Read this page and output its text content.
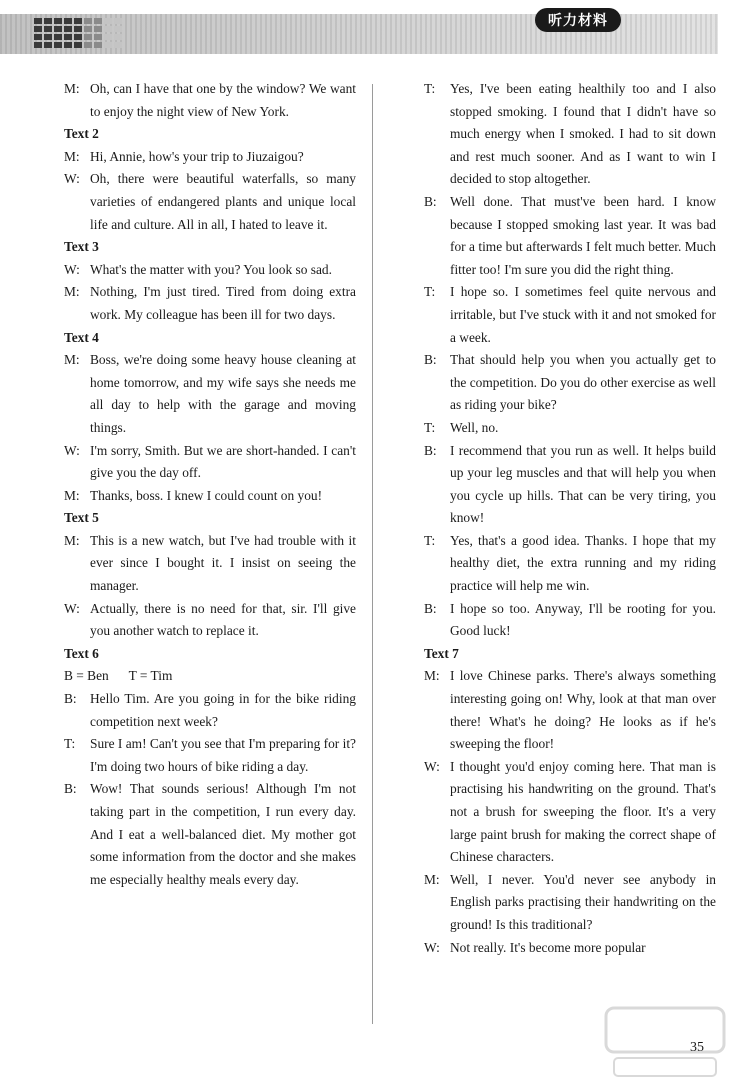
听力材料
M: Oh, can I have that one by the window? We want to enjoy the night view of New York.
Text 2
M: Hi, Annie, how's your trip to Jiuzaigou?
W: Oh, there were beautiful waterfalls, so many varieties of endangered plants and unique local life and culture. All in all, I hated to leave it.
Text 3
W: What's the matter with you? You look so sad.
M: Nothing, I'm just tired. Tired from doing extra work. My colleague has been ill for two days.
Text 4
M: Boss, we're doing some heavy house cleaning at home tomorrow, and my wife says she needs me all day to help with the garage and moving things.
W: I'm sorry, Smith. But we are short-handed. I can't give you the day off.
M: Thanks, boss. I knew I could count on you!
Text 5
M: This is a new watch, but I've had trouble with it ever since I bought it. I insist on seeing the manager.
W: Actually, there is no need for that, sir. I'll give you another watch to replace it.
Text 6
B = Ben      T = Tim
B: Hello Tim. Are you going in for the bike riding competition next week?
T: Sure I am! Can't you see that I'm preparing for it? I'm doing two hours of bike riding a day.
B: Wow! That sounds serious! Although I'm not taking part in the competition, I run every day. And I eat a well-balanced diet. My mother got some information from the doctor and she makes me especially healthy meals every day.
T: Yes, I've been eating healthily too and I also stopped smoking. I found that I didn't have so much energy when I smoked. I had to sit down and rest much sooner. And as I want to win I decided to stop altogether.
B: Well done. That must've been hard. I know because I stopped smoking last year. It was bad for a time but afterwards I felt much better. Much fitter too! I'm sure you did the right thing.
T: I hope so. I sometimes feel quite nervous and irritable, but I've stuck with it and not smoked for a week.
B: That should help you when you actually get to the competition. Do you do other exercise as well as riding your bike?
T: Well, no.
B: I recommend that you run as well. It helps build up your leg muscles and that will help you when you cycle up hills. That can be very tiring, you know!
T: Yes, that's a good idea. Thanks. I hope that my healthy diet, the extra running and my riding practice will help me win.
B: I hope so too. Anyway, I'll be rooting for you. Good luck!
Text 7
M: I love Chinese parks. There's always something interesting going on! Why, look at that man over there! What's he doing? He looks as if he's sweeping the floor!
W: I thought you'd enjoy coming here. That man is practising his handwriting on the ground. That's not a brush for sweeping the floor. It's a very large paint brush for making the correct shape of Chinese characters.
M: Well, I never. You'd never see anybody in English parks practising their handwriting on the ground! Is this traditional?
W: Not really. It's become more popular
35
